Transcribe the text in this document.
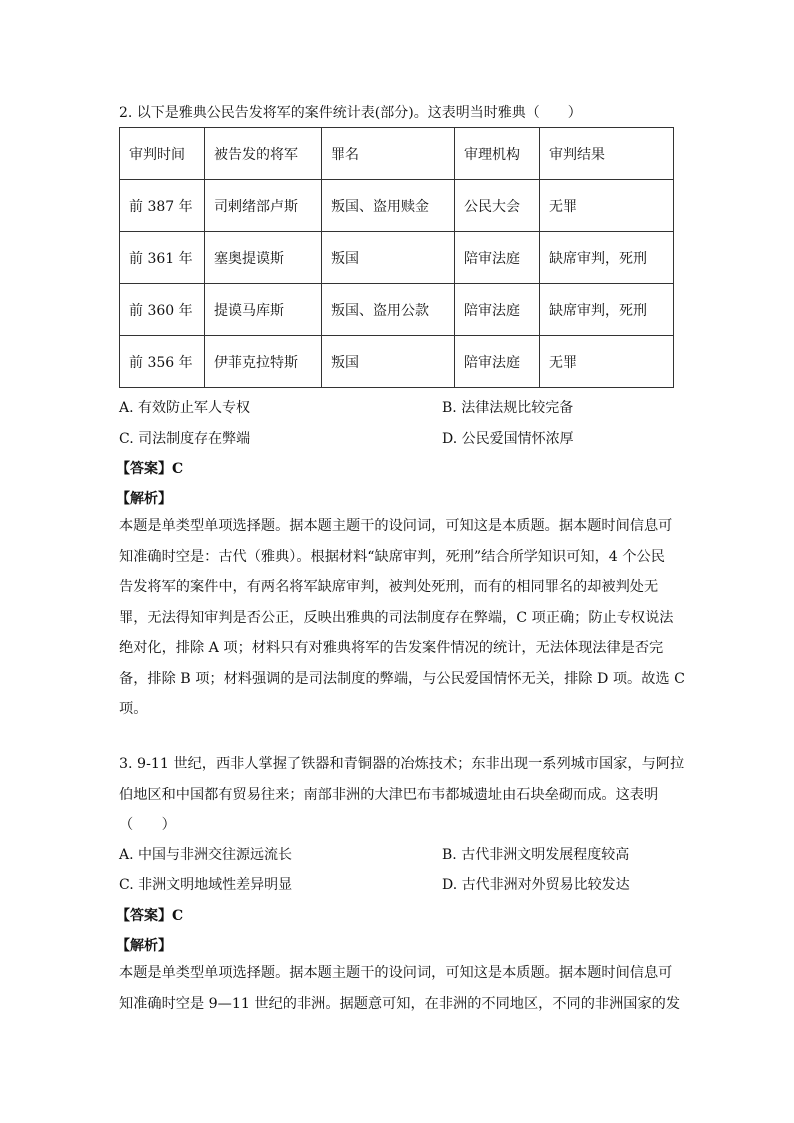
2. 以下是雅典公民告发将军的案件统计表(部分)。这表明当时雅典（　　）
审判时间	被告发的将军	罪名	审理机构	审判结果
前 387 年	司剌绪部卢斯	叛国、盗用赎金	公民大会	无罪
前 361 年	塞奥提谟斯	叛国	陪审法庭	缺席审判，死刑
前 360 年	提谟马库斯	叛国、盗用公款	陪审法庭	缺席审判，死刑
前 356 年	伊菲克拉特斯	叛国	陪审法庭	无罪
A. 有效防止军人专权	B. 法律法规比较完备
C. 司法制度存在弊端	D. 公民爱国情怀浓厚
【答案】C
【解析】
本题是单类型单项选择题。据本题主题干的设问词，可知这是本质题。据本题时间信息可
知准确时空是：古代（雅典）。根据材料“缺席审判，死刑”结合所学知识可知，4 个公民
告发将军的案件中，有两名将军缺席审判，被判处死刑，而有的相同罪名的却被判处无
罪，无法得知审判是否公正，反映出雅典的司法制度存在弊端，C 项正确；防止专权说法
绝对化，排除 A 项；材料只有对雅典将军的告发案件情况的统计，无法体现法律是否完
备，排除 B 项；材料强调的是司法制度的弊端，与公民爱国情怀无关，排除 D 项。故选 C
项。
3. 9-11 世纪，西非人掌握了铁器和青铜器的冶炼技术；东非出现一系列城市国家，与阿拉
伯地区和中国都有贸易往来；南部非洲的大津巴布韦都城遗址由石块垒砌而成。这表明
（　　）
A. 中国与非洲交往源远流长	B. 古代非洲文明发展程度较高
C. 非洲文明地域性差异明显	D. 古代非洲对外贸易比较发达
【答案】C
【解析】
本题是单类型单项选择题。据本题主题干的设问词，可知这是本质题。据本题时间信息可
知准确时空是 9—11 世纪的非洲。据题意可知，在非洲的不同地区，不同的非洲国家的发
